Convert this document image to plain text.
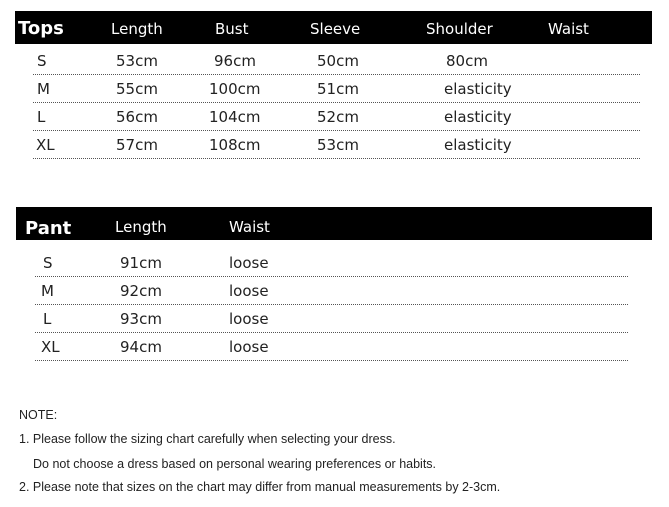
Tops	Length	Bust	Sleeve	Shoulder	Waist
S	53cm	96cm	50cm	80cm
M	55cm	100cm	51cm	elasticity
L	56cm	104cm	52cm	elasticity
XL	57cm	108cm	53cm	elasticity
Pant	Length	Waist
S	91cm	loose
M	92cm	loose
L	93cm	loose
XL	94cm	loose
NOTE:
1. Please follow the sizing chart carefully when selecting your dress.
Do not choose a dress based on personal wearing preferences or habits.
2. Please note that sizes on the chart may differ from manual measurements by 2-3cm.
